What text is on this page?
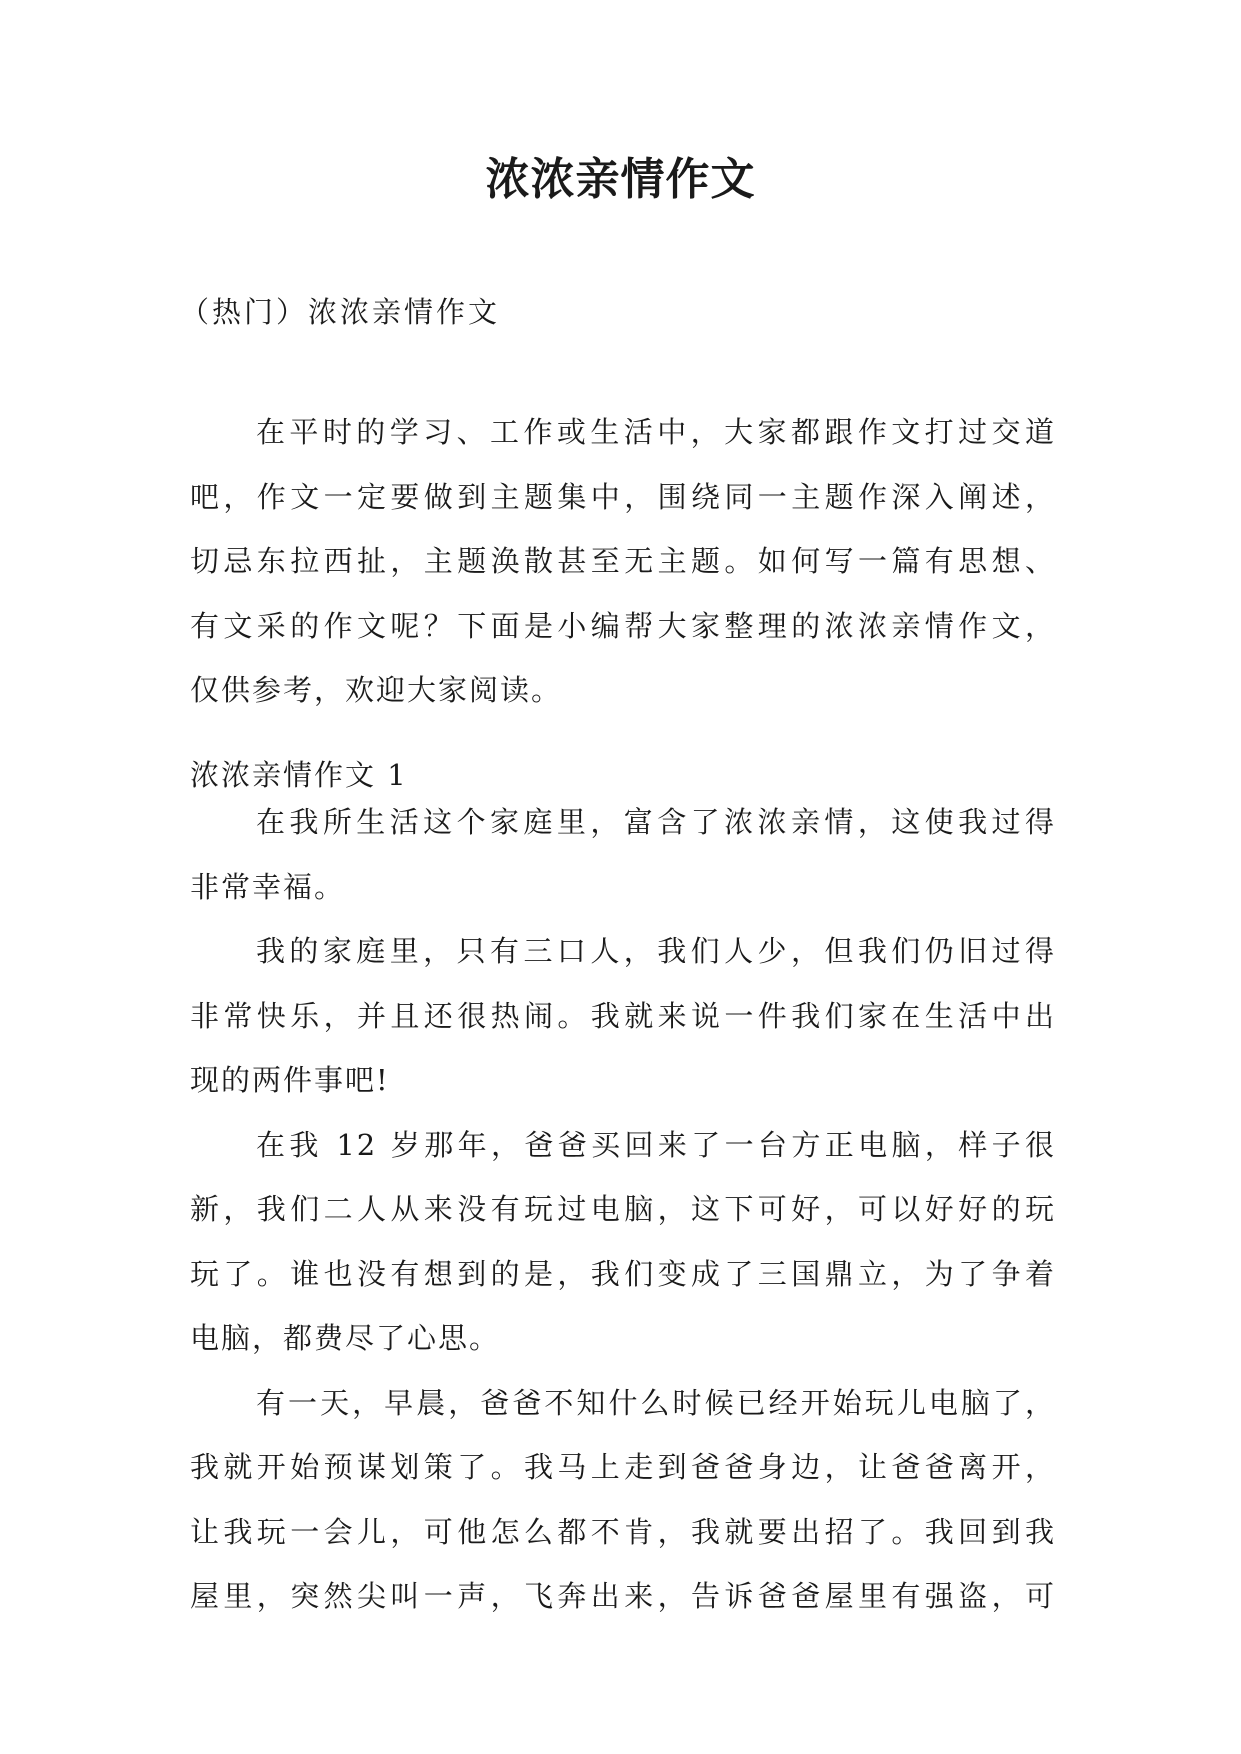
浓浓亲情作文
（热门）浓浓亲情作文
在平时的学习、工作或生活中，大家都跟作文打过交道
吧，作文一定要做到主题集中，围绕同一主题作深入阐述，
切忌东拉西扯，主题涣散甚至无主题。如何写一篇有思想、
有文采的作文呢？下面是小编帮大家整理的浓浓亲情作文，
仅供参考，欢迎大家阅读。
浓浓亲情作文 1
在我所生活这个家庭里，富含了浓浓亲情，这使我过得
非常幸福。
我的家庭里，只有三口人，我们人少，但我们仍旧过得
非常快乐，并且还很热闹。我就来说一件我们家在生活中出
现的两件事吧!
在我 12 岁那年，爸爸买回来了一台方正电脑，样子很
新，我们二人从来没有玩过电脑，这下可好，可以好好的玩
玩了。谁也没有想到的是，我们变成了三国鼎立，为了争着
电脑，都费尽了心思。
有一天，早晨，爸爸不知什么时候已经开始玩儿电脑了，
我就开始预谋划策了。我马上走到爸爸身边，让爸爸离开，
让我玩一会儿，可他怎么都不肯，我就要出招了。我回到我
屋里，突然尖叫一声，飞奔出来，告诉爸爸屋里有强盗，可
